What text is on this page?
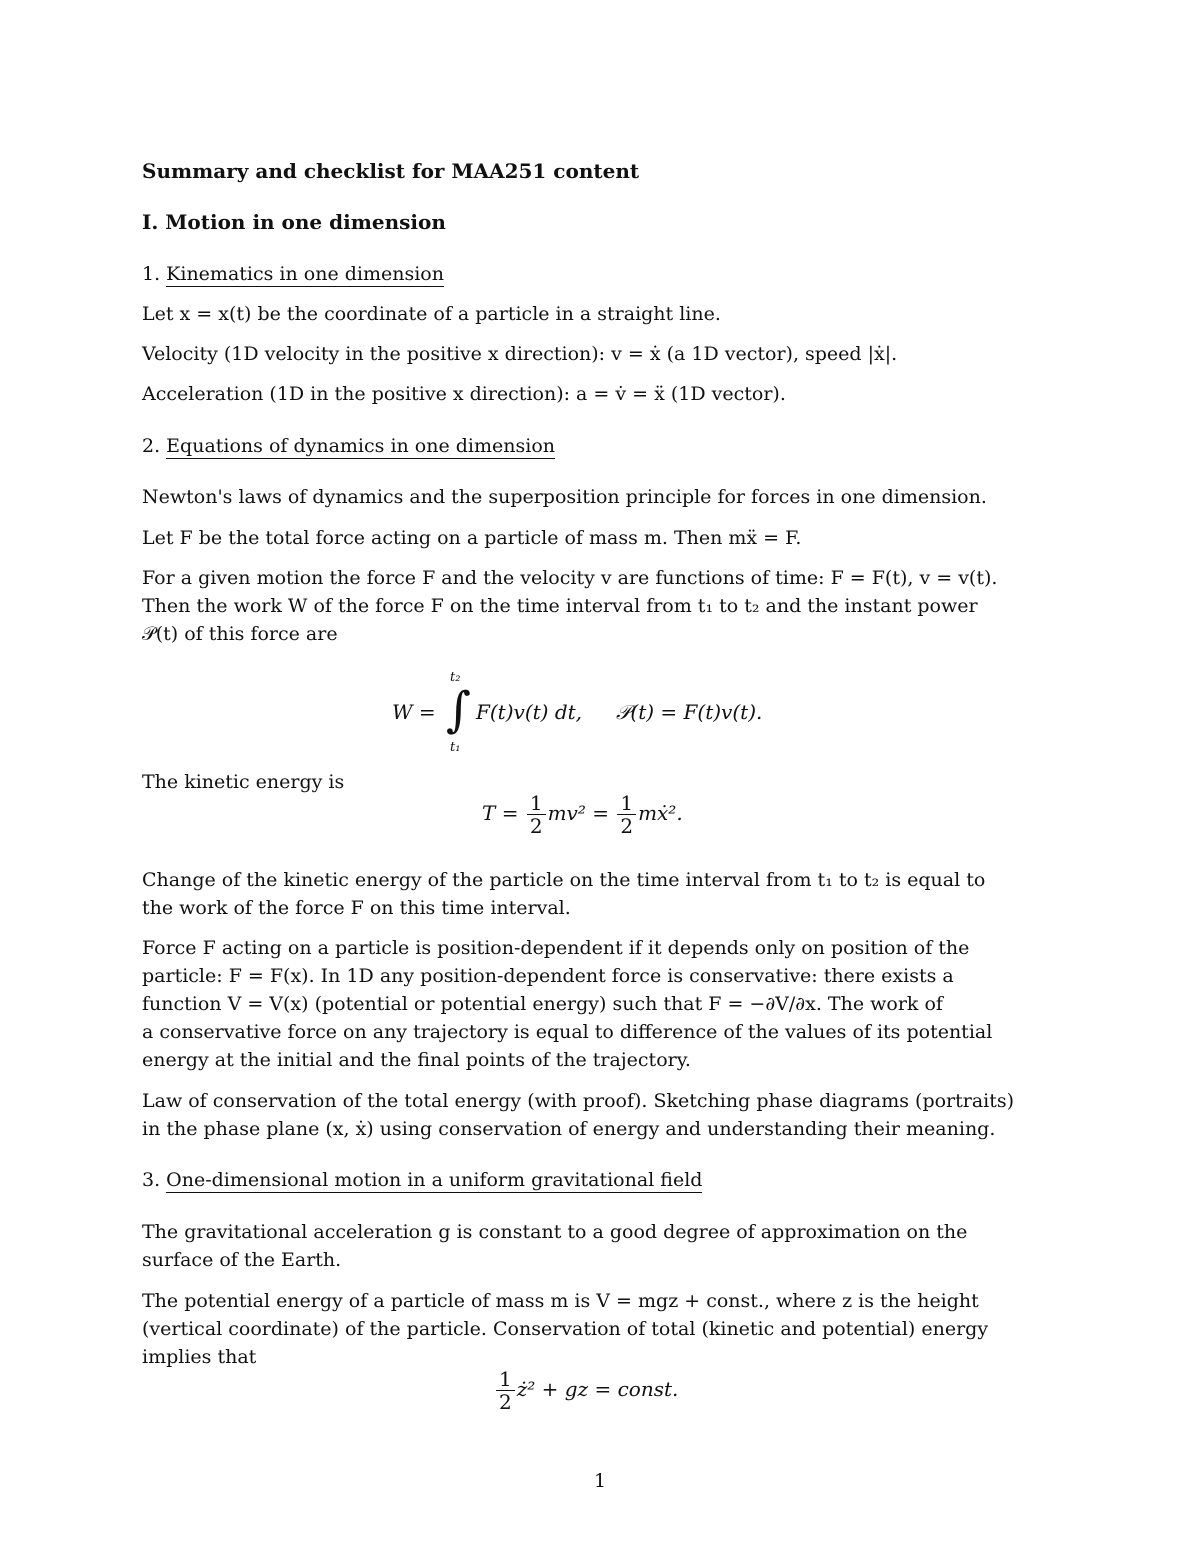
Summary and checklist for MAA251 content
I. Motion in one dimension
1. Kinematics in one dimension
Let x = x(t) be the coordinate of a particle in a straight line.
Velocity (1D velocity in the positive x direction): v = ẋ (a 1D vector), speed |ẋ|.
Acceleration (1D in the positive x direction): a = v̇ = ẍ (1D vector).
2. Equations of dynamics in one dimension
Newton's laws of dynamics and the superposition principle for forces in one dimension.
Let F be the total force acting on a particle of mass m. Then mẍ = F.
For a given motion the force F and the velocity v are functions of time: F = F(t), v = v(t).
Then the work W of the force F on the time interval from t₁ to t₂ and the instant power
𝒫(t) of this force are
W =
t₂
∫
t₁
F(t)v(t) dt, 𝒫(t) = F(t)v(t).
The kinetic energy is
$T = \frac{1}{2} mv^2 = \frac{1}{2}$ mẋ².
Change of the kinetic energy of the particle on the time interval from t₁ to t₂ is equal to
the work of the force F on this time interval.
Force F acting on a particle is position-dependent if it depends only on position of the
particle: F = F(x). In 1D any position-dependent force is conservative: there exists a
function V = V(x) (potential or potential energy) such that F = −∂V/∂x. The work of
a conservative force on any trajectory is equal to difference of the values of its potential
energy at the initial and the final points of the trajectory.
Law of conservation of the total energy (with proof). Sketching phase diagrams (portraits)
in the phase plane (x, ẋ) using conservation of energy and understanding their meaning.
3. One-dimensional motion in a uniform gravitational field
The gravitational acceleration g is constant to a good degree of approximation on the
surface of the Earth.
The potential energy of a particle of mass m is V = mgz + const., where z is the height
(vertical coordinate) of the particle. Conservation of total (kinetic and potential) energy
implies that
$\frac{1}{2}$ ż² + gz = const.
1
